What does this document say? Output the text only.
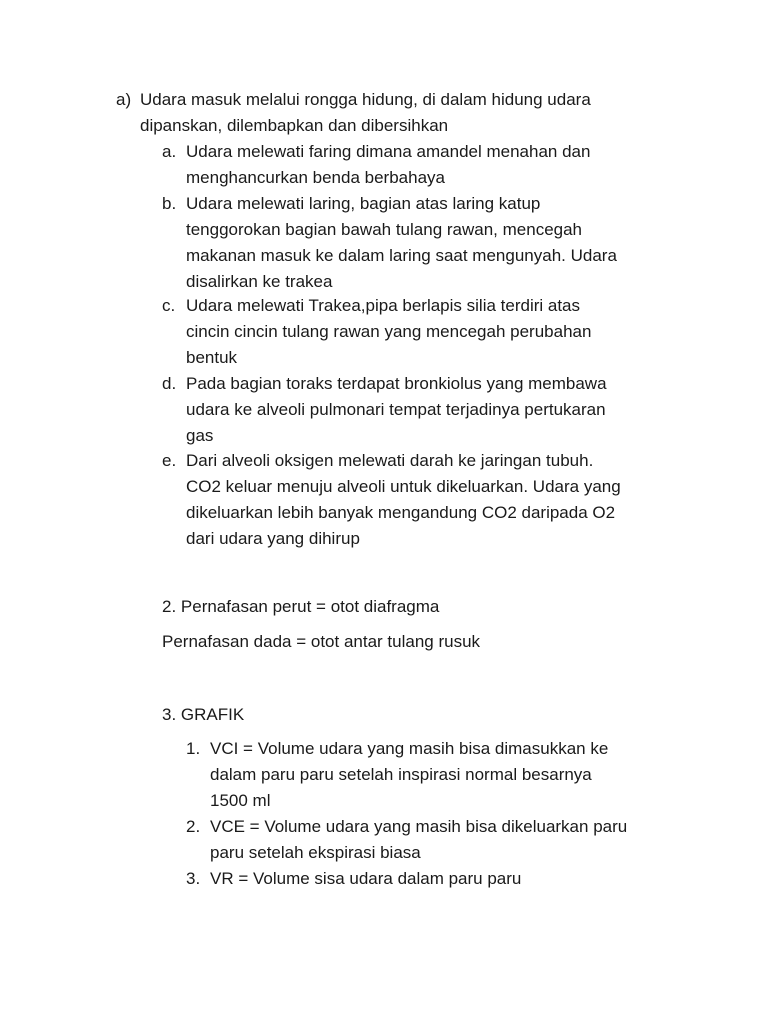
a) Udara masuk melalui rongga hidung, di dalam hidung udara
dipanskan, dilembapkan dan dibersihkan
a. Udara melewati faring dimana amandel menahan dan
menghancurkan benda berbahaya
b. Udara melewati laring, bagian atas laring katup
tenggorokan bagian bawah tulang rawan, mencegah
makanan masuk ke dalam laring saat mengunyah. Udara
disalirkan ke trakea
c. Udara melewati Trakea,pipa berlapis silia terdiri atas
cincin cincin tulang rawan yang mencegah perubahan
bentuk
d. Pada bagian toraks terdapat bronkiolus yang membawa
udara ke alveoli pulmonari tempat terjadinya pertukaran
gas
e. Dari alveoli oksigen melewati darah ke jaringan tubuh.
CO2 keluar menuju alveoli untuk dikeluarkan. Udara yang
dikeluarkan lebih banyak mengandung CO2 daripada O2
dari udara yang dihirup
2. Pernafasan perut = otot diafragma
Pernafasan dada = otot antar tulang rusuk
3. GRAFIK
1. VCI = Volume udara yang masih bisa dimasukkan ke
dalam paru paru setelah inspirasi normal besarnya
1500 ml
2. VCE = Volume udara yang masih bisa dikeluarkan paru
paru setelah ekspirasi biasa
3. VR = Volume sisa udara dalam paru paru
